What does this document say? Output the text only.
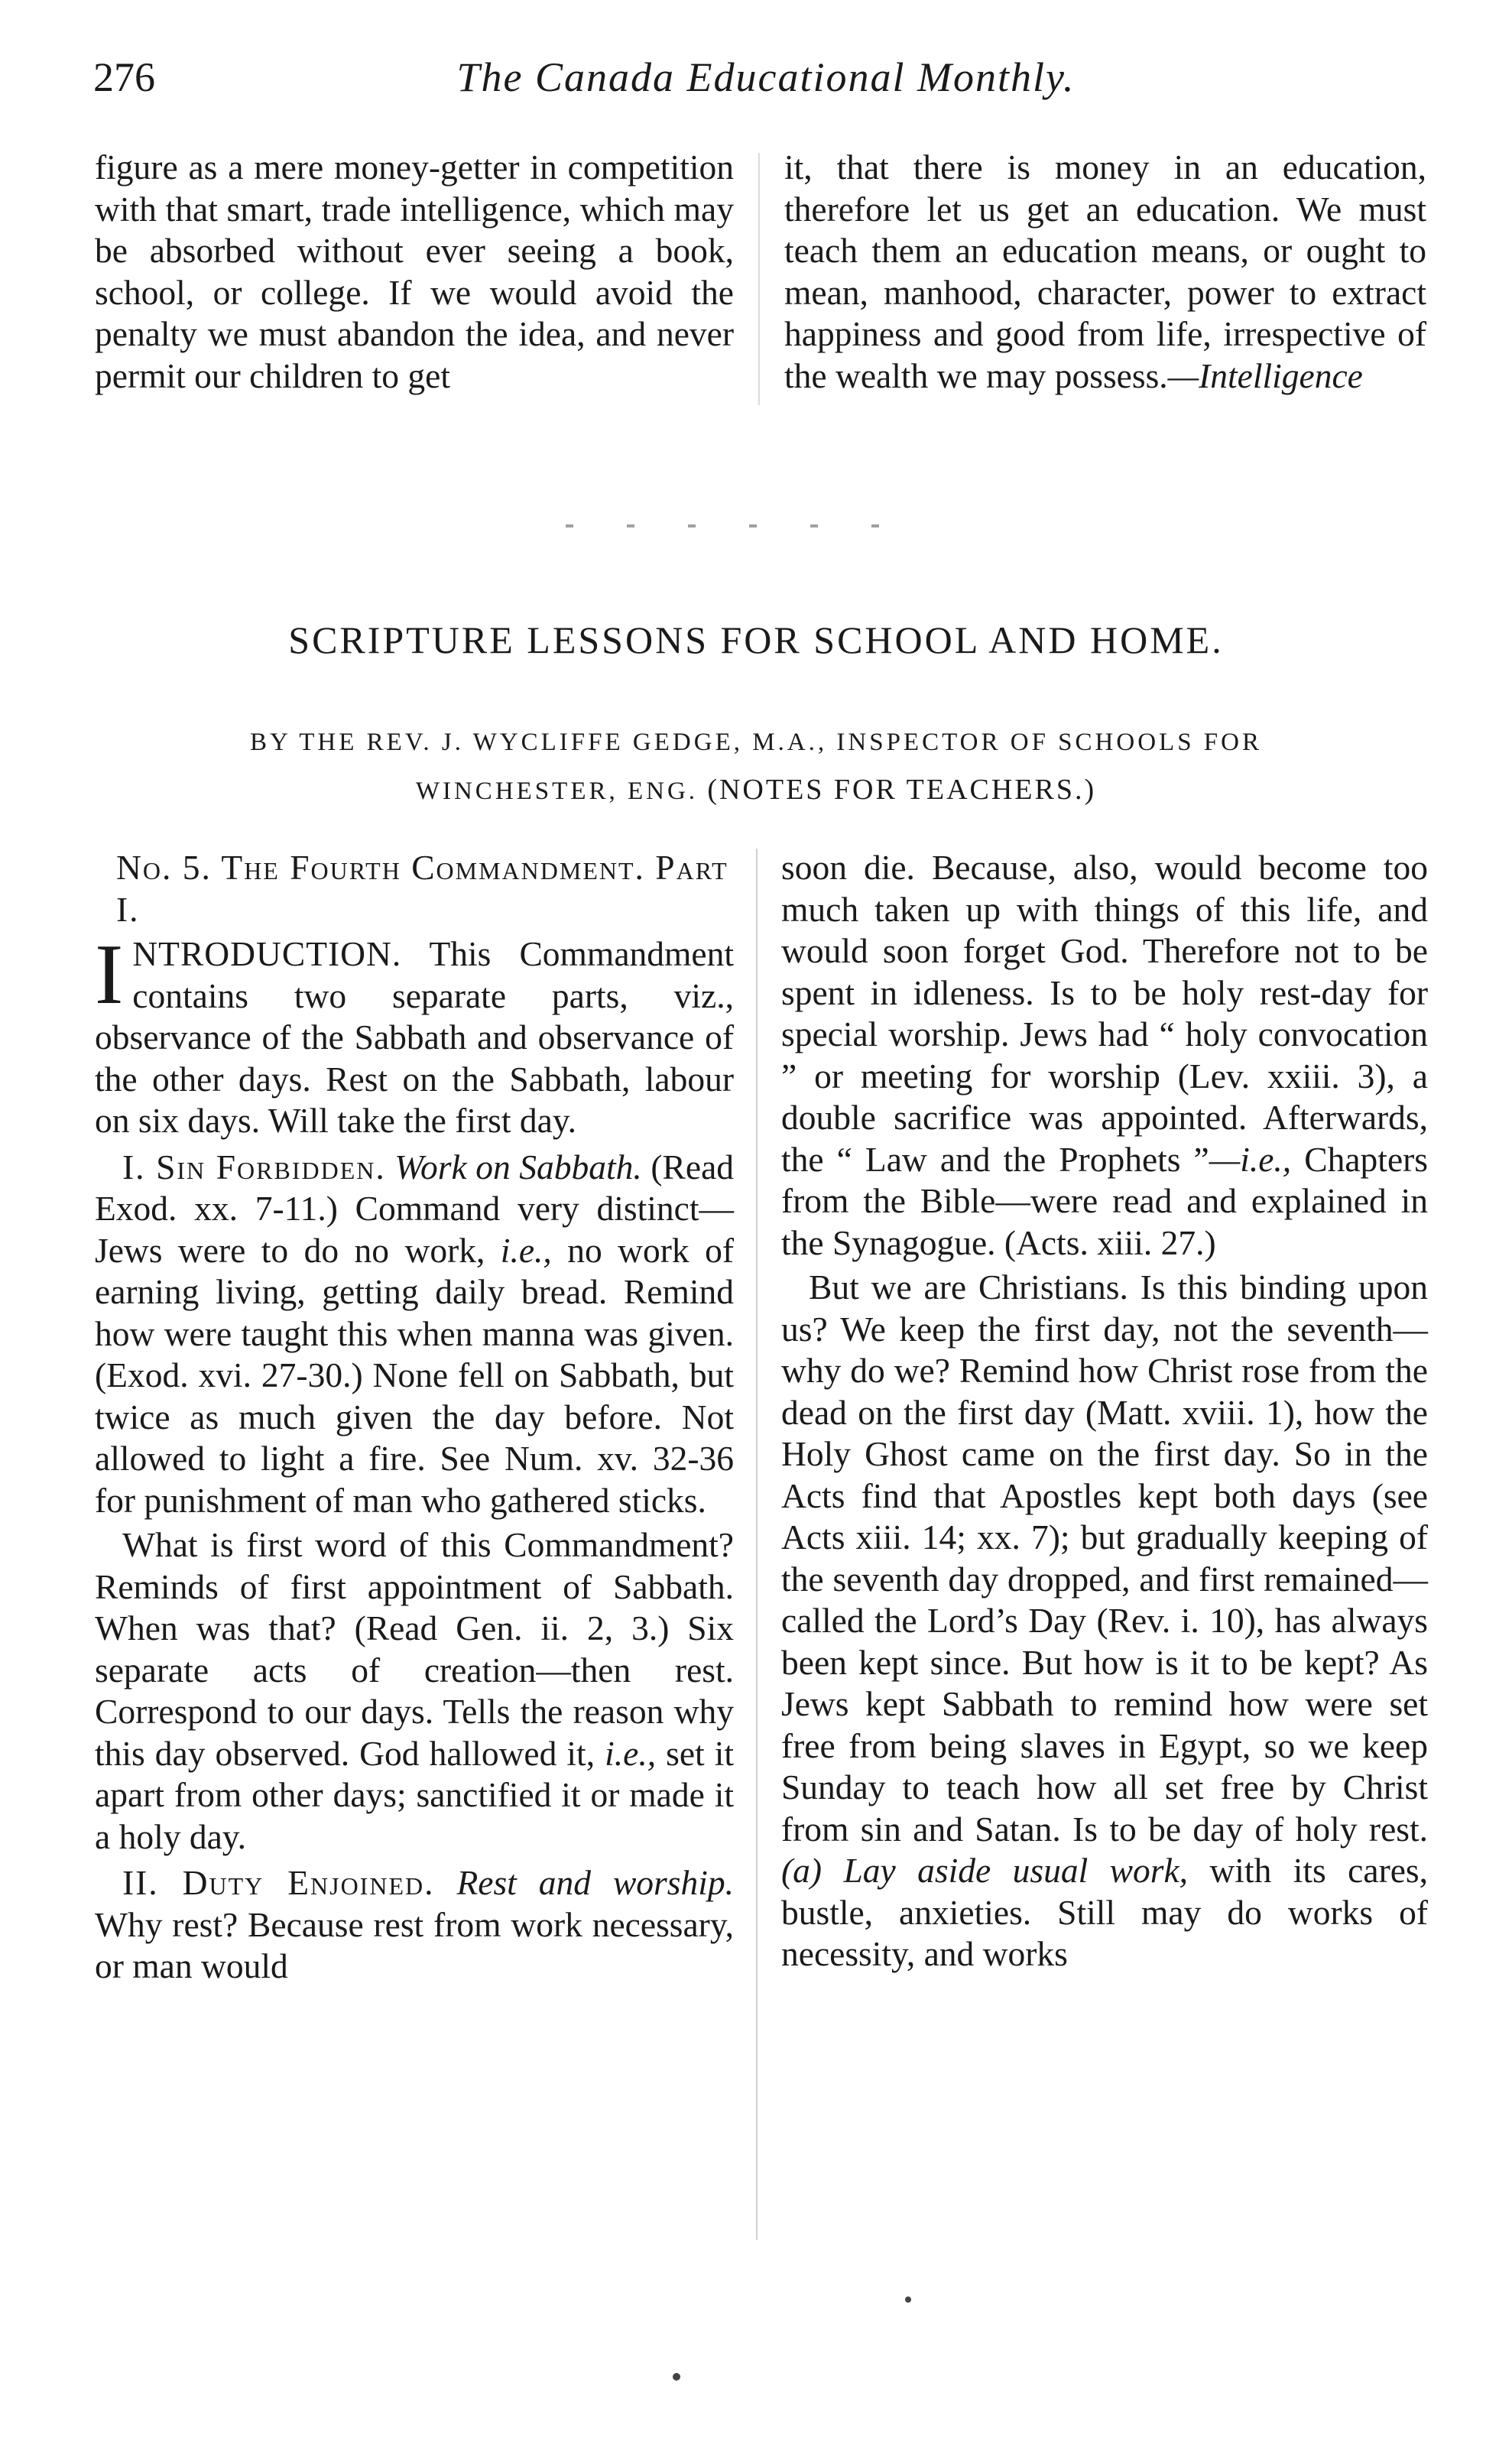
276	The Canada Educational Monthly.

figure as a mere money-getter in competition with that smart, trade intelligence, which may be absorbed without ever seeing a book, school, or college. If we would avoid the penalty we must abandon the idea, and never permit our children to get

it, that there is money in an education, therefore let us get an education. We must teach them an education means, or ought to mean, manhood, character, power to extract happiness and good from life, irrespective of the wealth we may possess.—Intelligence

SCRIPTURE LESSONS FOR SCHOOL AND HOME.
BY THE REV. J. WYCLIFFE GEDGE, M.A., INSPECTOR OF SCHOOLS FOR
WINCHESTER, ENG. (NOTES FOR TEACHERS.)

No. 5. The Fourth Commandment. Part I.

I NTRODUCTION. This Commandment contains two separate parts, viz., observance of the Sabbath and observance of the other days. Rest on the Sabbath, labour on six days. Will take the first day.

I. Sin Forbidden. Work on Sabbath. (Read Exod. xx. 7-11.) Command very distinct—Jews were to do no work, i.e., no work of earning living, getting daily bread. Remind how were taught this when manna was given. (Exod. xvi. 27-30.) None fell on Sabbath, but twice as much given the day before. Not allowed to light a fire. See Num. xv. 32-36 for punishment of man who gathered sticks.

What is first word of this Commandment? Reminds of first appointment of Sabbath. When was that? (Read Gen. ii. 2, 3.) Six separate acts of creation—then rest. Correspond to our days. Tells the reason why this day observed. God hallowed it, i.e., set it apart from other days; sanctified it or made it a holy day.

II. Duty Enjoined. Rest and worship. Why rest? Because rest from work necessary, or man would

soon die. Because, also, would become too much taken up with things of this life, and would soon forget God. Therefore not to be spent in idleness. Is to be holy rest-day for special worship. Jews had “ holy convocation ” or meeting for worship (Lev. xxiii. 3), a double sacrifice was appointed. Afterwards, the “ Law and the Prophets ”—i.e., Chapters from the Bible—were read and explained in the Synagogue. (Acts. xiii. 27.)

But we are Christians. Is this binding upon us? We keep the first day, not the seventh—why do we? Remind how Christ rose from the dead on the first day (Matt. xviii. 1), how the Holy Ghost came on the first day. So in the Acts find that Apostles kept both days (see Acts xiii. 14; xx. 7); but gradually keeping of the seventh day dropped, and first remained—called the Lord’s Day (Rev. i. 10), has always been kept since. But how is it to be kept? As Jews kept Sabbath to remind how were set free from being slaves in Egypt, so we keep Sunday to teach how all set free by Christ from sin and Satan. Is to be day of holy rest. (a) Lay aside usual work, with its cares, bustle, anxieties. Still may do works of necessity, and works
